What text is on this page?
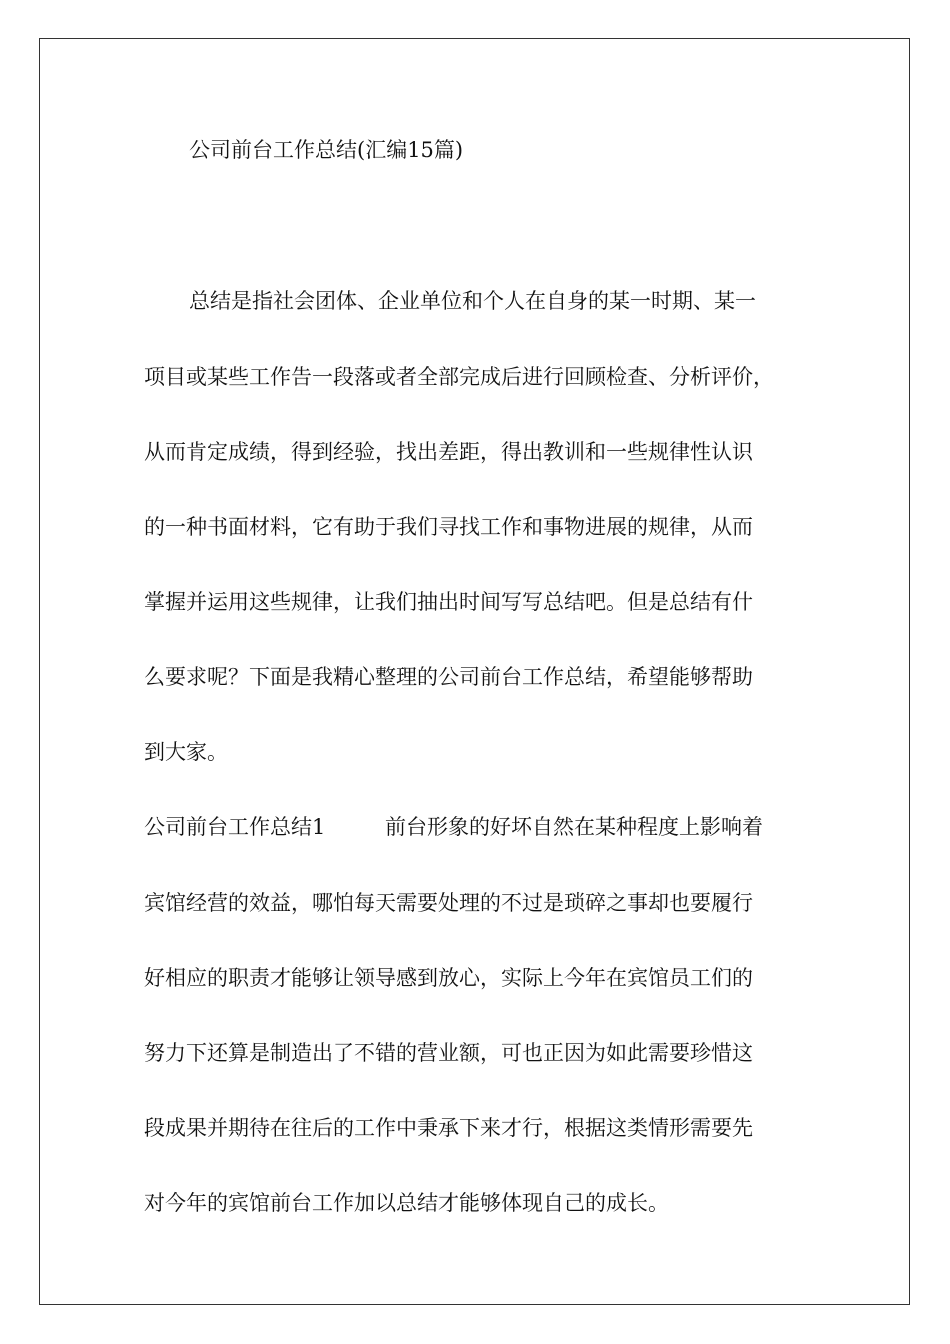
公司前台工作总结(汇编15篇)
总结是指社会团体、企业单位和个人在自身的某一时期、某一
项目或某些工作告一段落或者全部完成后进行回顾检查、分析评价，
从而肯定成绩，得到经验，找出差距，得出教训和一些规律性认识
的一种书面材料，它有助于我们寻找工作和事物进展的规律，从而
掌握并运用这些规律，让我们抽出时间写写总结吧。但是总结有什
么要求呢？下面是我精心整理的公司前台工作总结，希望能够帮助
到大家。
公司前台工作总结1	前台形象的好坏自然在某种程度上影响着
宾馆经营的效益，哪怕每天需要处理的不过是琐碎之事却也要履行
好相应的职责才能够让领导感到放心，实际上今年在宾馆员工们的
努力下还算是制造出了不错的营业额，可也正因为如此需要珍惜这
段成果并期待在往后的工作中秉承下来才行，根据这类情形需要先
对今年的宾馆前台工作加以总结才能够体现自己的成长。
